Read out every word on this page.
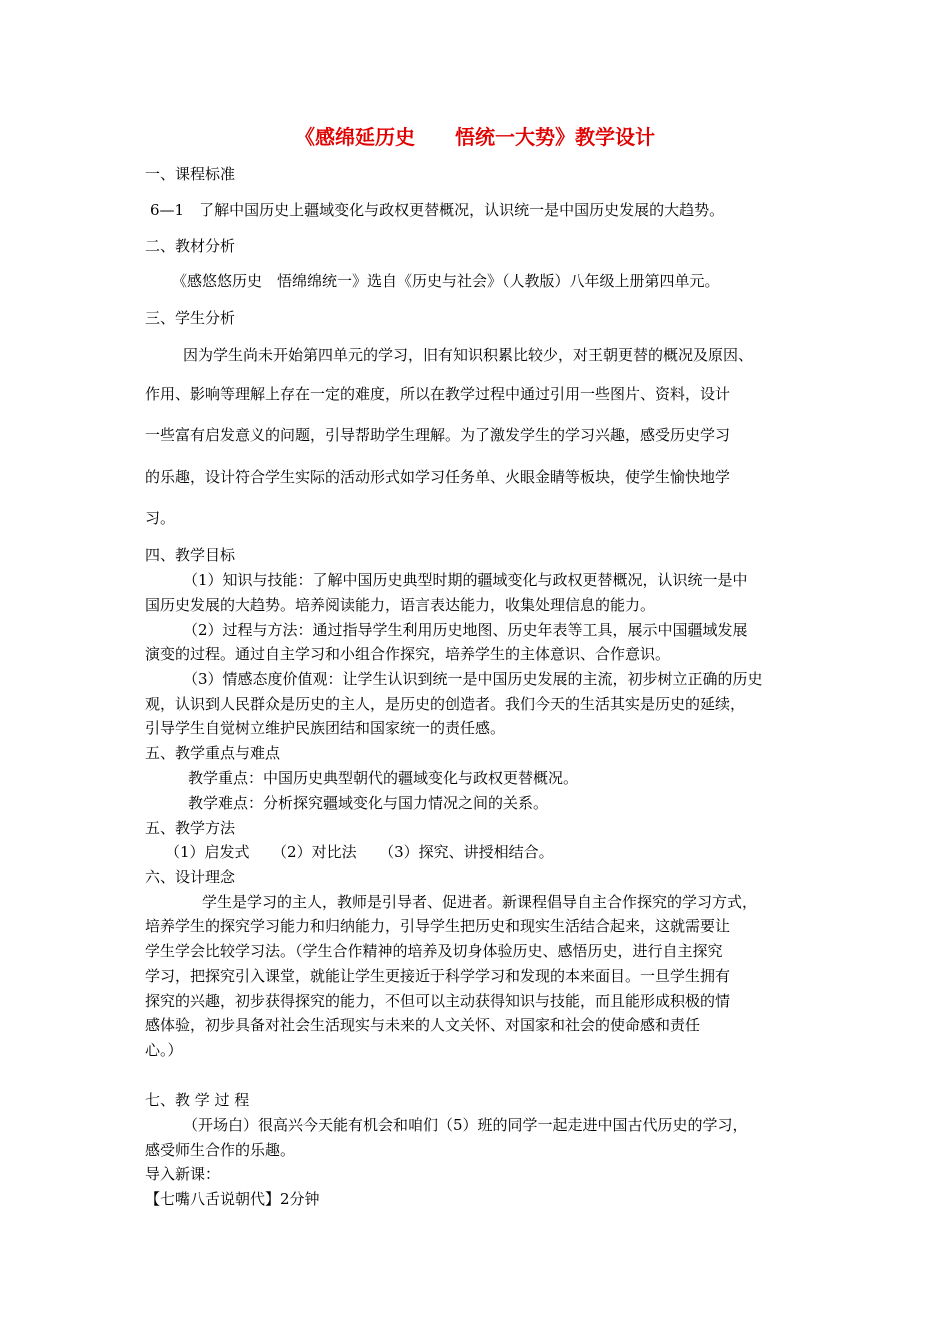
《感绵延历史 悟统一大势》教学设计
一、课程标准
6—1　了解中国历史上疆域变化与政权更替概况，认识统一是中国历史发展的大趋势。
二、教材分析
《感悠悠历史　悟绵绵统一》选自《历史与社会》（人教版）八年级上册第四单元。
三、学生分析
因为学生尚未开始第四单元的学习，旧有知识积累比较少，对王朝更替的概况及原因、
作用、影响等理解上存在一定的难度，所以在教学过程中通过引用一些图片、资料，设计
一些富有启发意义的问题，引导帮助学生理解。为了激发学生的学习兴趣，感受历史学习
的乐趣，设计符合学生实际的活动形式如学习任务单、火眼金睛等板块，使学生愉快地学
习。
四、教学目标
（1）知识与技能：了解中国历史典型时期的疆域变化与政权更替概况，认识统一是中
国历史发展的大趋势。培养阅读能力，语言表达能力，收集处理信息的能力。
（2）过程与方法：通过指导学生利用历史地图、历史年表等工具，展示中国疆域发展
演变的过程。通过自主学习和小组合作探究，培养学生的主体意识、合作意识。
（3）情感态度价值观：让学生认识到统一是中国历史发展的主流，初步树立正确的历史
观，认识到人民群众是历史的主人，是历史的创造者。我们今天的生活其实是历史的延续，
引导学生自觉树立维护民族团结和国家统一的责任感。
五、教学重点与难点
教学重点：中国历史典型朝代的疆域变化与政权更替概况。
教学难点：分析探究疆域变化与国力情况之间的关系。
五、教学方法
（1）启发式　　（2）对比法　　（3）探究、讲授相结合。
六、设计理念
学生是学习的主人，教师是引导者、促进者。新课程倡导自主合作探究的学习方式，
培养学生的探究学习能力和归纳能力，引导学生把历史和现实生活结合起来，这就需要让
学生学会比较学习法。（学生合作精神的培养及切身体验历史、感悟历史，进行自主探究
学习，把探究引入课堂，就能让学生更接近于科学学习和发现的本来面目。一旦学生拥有
探究的兴趣，初步获得探究的能力，不但可以主动获得知识与技能，而且能形成积极的情
感体验，初步具备对社会生活现实与未来的人文关怀、对国家和社会的使命感和责任
心。）
七、教 学 过 程
（开场白）很高兴今天能有机会和咱们（5）班的同学一起走进中国古代历史的学习，
感受师生合作的乐趣。
导入新课：
【七嘴八舌说朝代】2分钟
